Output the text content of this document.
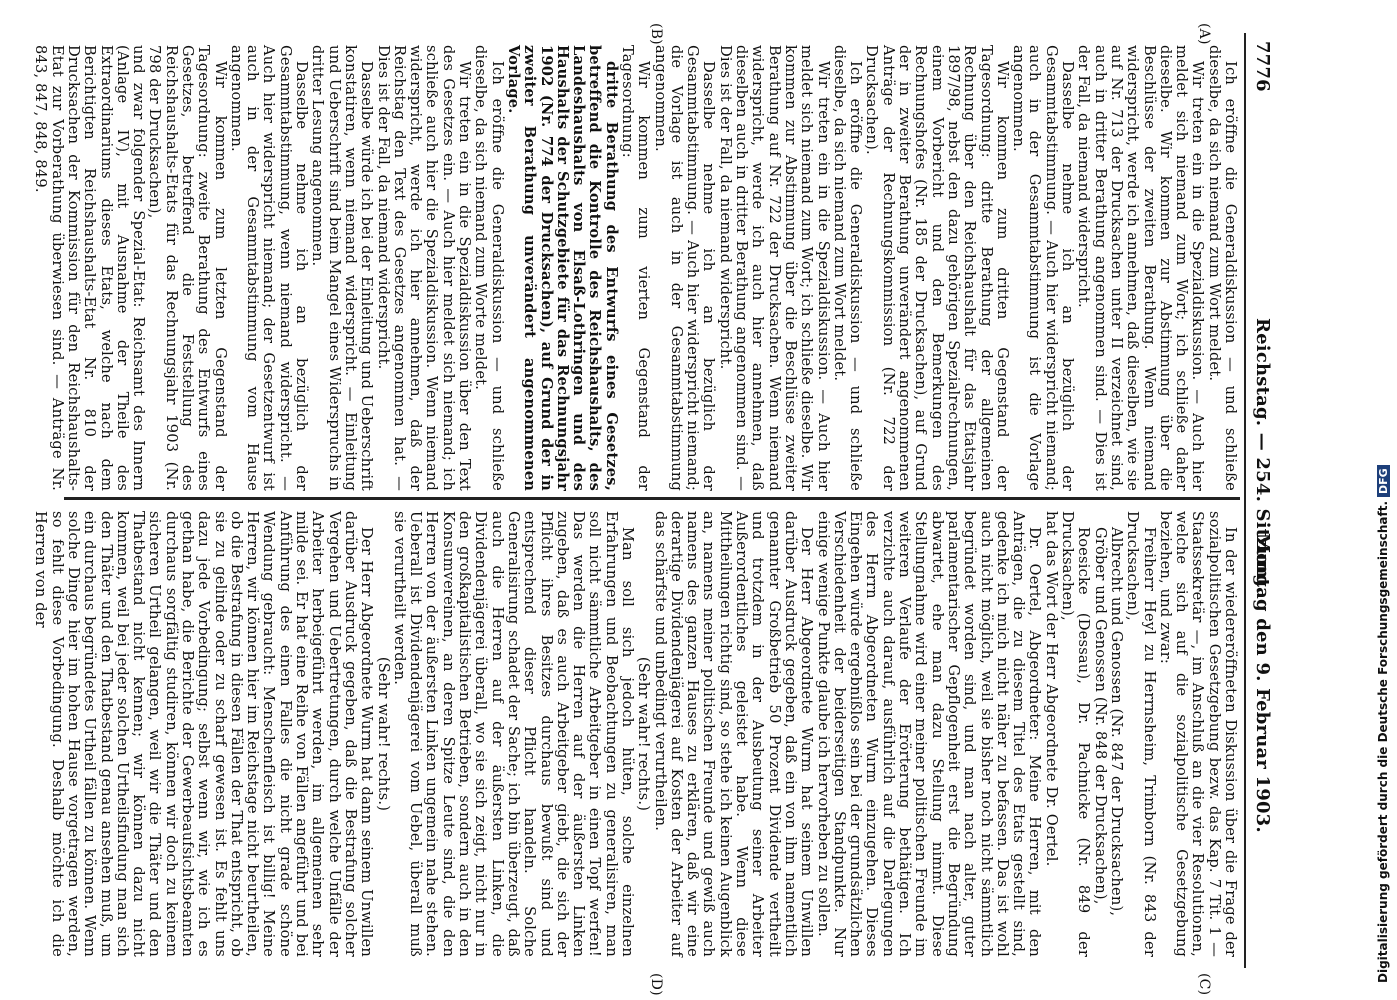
7776
Reichstag. — 254. Sitzung.
Montag den 9. Februar 1903.
(A)
(B)
(C)
(D)

Ich eröffne die Generaldiskussion — und schließe dieselbe, da sich niemand zum Wort meldet.

Wir treten ein in die Spezialdiskussion. — Auch hier meldet sich niemand zum Wort; ich schließe daher dieselbe. Wir kommen zur Abstimmung über die Beschlüsse der zweiten Berathung. Wenn niemand widerspricht, werde ich annehmen, daß dieselben, wie sie auf Nr. 713 der Drucksachen unter II verzeichnet sind, auch in dritter Berathung angenommen sind. — Dies ist der Fall, da niemand widerspricht.

Dasselbe nehme ich an bezüglich der Gesammtabstimmung. — Auch hier widerspricht niemand; auch in der Gesammtabstimmung ist die Vorlage angenommen.

Wir kommen zum dritten Gegenstand der Tagesordnung: dritte Berathung der allgemeinen Rechnung über den Reichshaushalt für das Etatsjahr 1897/98, nebst den dazu gehörigen Spezialrechnungen, einem Vorbericht und den Bemerkungen des Rechnungshofes (Nr. 185 der Drucksachen), auf Grund der in zweiter Berathung unverändert angenommenen Anträge der Rechnungskommission (Nr. 722 der Drucksachen).

Ich eröffne die Generaldiskussion — und schließe dieselbe, da sich niemand zum Wort meldet.

Wir treten ein in die Spezialdiskussion. — Auch hier meldet sich niemand zum Wort; ich schließe dieselbe. Wir kommen zur Abstimmung über die Beschlüsse zweiter Berathung auf Nr. 722 der Drucksachen. Wenn niemand widerspricht, werde ich auch hier annehmen, daß dieselben auch in dritter Berathung angenommen sind. — Dies ist der Fall, da niemand widerspricht.

Dasselbe nehme ich an bezüglich der Gesammtabstimmung. — Auch hier widerspricht niemand; die Vorlage ist auch in der Gesammtabstimmung angenommen.

Wir kommen zum vierten Gegenstand der Tagesordnung:

dritte Berathung des Entwurfs eines Gesetzes, betreffend die Kontrolle des Reichshaushalts, des Landeshaushalts von Elsaß-Lothringen und des Haushalts der Schutzgebiete für das Rechnungsjahr 1902 (Nr. 774 der Drucksachen), auf Grund der in zweiter Berathung unverändert angenommenen Vorlage.

Ich eröffne die Generaldiskussion — und schließe dieselbe, da sich niemand zum Worte meldet.

Wir treten ein in die Spezialdiskussion über den Text des Gesetzes ein. — Auch hier meldet sich niemand; ich schließe auch hier die Spezialdiskussion. Wenn niemand widerspricht, werde ich hier annehmen, daß der Reichstag den Text des Gesetzes angenommen hat. — Dies ist der Fall, da niemand widerspricht.

Dasselbe würde ich bei der Einleitung und Ueberschrift konstatiren, wenn niemand widerspricht. — Einleitung und Ueberschrift sind beim Mangel eines Widerspruchs in dritter Lesung angenommen.

Dasselbe nehme ich an bezüglich der Gesammtabstimmung, wenn niemand widerspricht. — Auch hier widerspricht niemand; der Gesetzentwurf ist auch in der Gesammtabstimmung vom Hause angenommen.

Wir kommen zum letzten Gegenstand der Tagesordnung: zweite Berathung des Entwurfs eines Gesetzes, betreffend die Feststellung des Reichshaushalts-Etats für das Rechnungsjahr 1903 (Nr. 798 der Drucksachen),

und zwar folgender Spezial-Etat: Reichsamt des Innern (Anlage IV), mit Ausnahme der Theile des Extraordinariums dieses Etats, welche nach dem Berichtigten Reichshaushalts-Etat Nr. 810 der Drucksachen der Kommission für den Reichshaushalts-Etat zur Vorberathung überwiesen sind. — Anträge Nr. 843, 847, 848, 849.

In der wiedereröffneten Diskussion über die Frage der sozialpolitischen Gesetzgebung bezw. das Kap. 7 Tit. 1 — Staatssekretär —, im Anschluß an die vier Resolutionen, welche sich auf die sozialpolitische Gesetzgebung beziehen, und zwar:

Freiherr Heyl zu Herrnsheim, Trimborn (Nr. 843 der Drucksachen),

Albrecht und Genossen (Nr. 847 der Drucksachen),

Gröber und Genossen (Nr. 848 der Drucksachen),

Roesicke (Dessau), Dr. Pachnicke (Nr. 849 der Drucksachen),

hat das Wort der Herr Abgeordnete Dr. Oertel.

Dr. Oertel, Abgeordneter: Meine Herren, mit den Anträgen, die zu diesem Titel des Etats gestellt sind, gedenke ich mich nicht näher zu befassen. Das ist wohl auch nicht möglich, weil sie bisher noch nicht sämmtlich begründet worden sind, und man nach alter, guter parlamentarischer Gepflogenheit erst die Begründung abwartet, ehe man dazu Stellung nimmt. Diese Stellungnahme wird einer meiner politischen Freunde im weiteren Verlaufe der Erörterung bethätigen. Ich verzichte auch darauf, ausführlich auf die Darlegungen des Herrn Abgeordneten Wurm einzugehen. Dieses Eingehen würde ergebnißlos sein bei der grundsätzlichen Verschiedenheit der beiderseitigen Standpunkte. Nur einige wenige Punkte glaube ich hervorheben zu sollen.

Der Herr Abgeordnete Wurm hat seinem Unwillen darüber Ausdruck gegeben, daß ein von ihm namentlich genannter Großbetrieb 50 Prozent Dividende vertheilt und trotzdem in der Ausbeutung seiner Arbeiter Außerordentliches geleistet habe. Wenn diese Mittheilungen richtig sind, so stehe ich keinen Augenblick an, namens meiner politischen Freunde und gewiß auch namens des ganzen Hauses zu erklären, daß wir eine derartige Dividendenjägerei auf Kosten der Arbeiter auf das schärfste und unbedingt verurtheilen.

(Sehr wahr! rechts.)

Man soll sich jedoch hüten, solche einzelnen Erfahrungen und Beobachtungen zu generalisiren, man soll nicht sämmtliche Arbeitgeber in einen Topf werfen! Das werden die Herren auf der äußersten Linken zugeben, daß es auch Arbeitgeber giebt, die sich der Pflicht ihres Besitzes durchaus bewußt sind und entsprechend dieser Pflicht handeln. Solche Generalisirung schadet der Sache; ich bin überzeugt, daß auch die Herren auf der äußersten Linken, die Dividendenjägerei überall, wo sie sich zeigt, nicht nur in den großkapitalistischen Betrieben, sondern auch in den Konsumvereinen, an deren Spitze Leute sind, die den Herren von der äußersten Linken ungemein nahe stehen. Ueberall ist Dividendenjägerei vom Uebel, überall muß sie verurtheilt werden.

(Sehr wahr! rechts.)

Der Herr Abgeordnete Wurm hat dann seinem Unwillen darüber Ausdruck gegeben, daß die Bestrafung solcher Vergehen und Uebertretungen, durch welche Unfälle der Arbeiter herbeigeführt werden, im allgemeinen sehr milde sei. Er hat eine Reihe von Fällen angeführt und bei Anführung des einen Falles die nicht grade schöne Wendung gebraucht: Menschenfleisch ist billig! Meine Herren, wir können hier im Reichstage nicht beurtheilen, ob die Bestrafung in diesen Fällen der That entspricht, ob sie zu gelinde oder zu scharf gewesen ist. Es fehlt uns dazu jede Vorbedingung; selbst wenn wir, wie ich es gethan habe, die Berichte der Gewerbeaufsichtsbeamten durchaus sorgfältig studiren, können wir doch zu keinem sicheren Urtheil gelangen, weil wir die Thäter und den Thatbestand nicht kennen; wir können dazu nicht kommen, weil bei jeder solchen Urtheilsfindung man sich den Thäter und den Thatbestand genau ansehen muß, um ein durchaus begründetes Urtheil fällen zu können. Wenn solche Dinge hier im hohen Hause vorgetragen werden, so fehlt diese Vorbedingung. Deshalb möchte ich die Herren von der	Digitalisierung gefördert durch die Deutsche Forschungsgemeinschaft.DFG
